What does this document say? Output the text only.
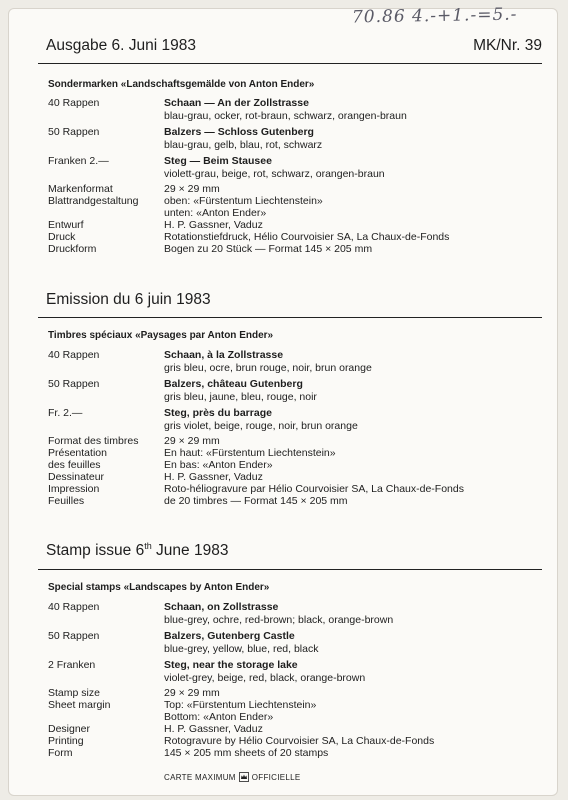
70.86 4.-+1.-=5.-
Ausgabe 6. Juni 1983	MK/Nr. 39
Sondermarken «Landschaftsgemälde von Anton Ender»
40 Rappen	Schaan — An der Zollstrasse
blau-grau, ocker, rot-braun, schwarz, orangen-braun
50 Rappen	Balzers — Schloss Gutenberg
blau-grau, gelb, blau, rot, schwarz
Franken 2.—	Steg — Beim Stausee
violett-grau, beige, rot, schwarz, orangen-braun
Markenformat	29 × 29 mm
Blattrandgestaltung oben: «Fürstentum Liechtenstein»
unten: «Anton Ender»
Entwurf	H. P. Gassner, Vaduz
Druck	Rotationstiefdruck, Hélio Courvoisier SA, La Chaux-de-Fonds
Druckform	Bogen zu 20 Stück — Format 145 × 205 mm
Emission du 6 juin 1983
Timbres spéciaux «Paysages par Anton Ender»
40 Rappen	Schaan, à la Zollstrasse
gris bleu, ocre, brun rouge, noir, brun orange
50 Rappen	Balzers, château Gutenberg
gris bleu, jaune, bleu, rouge, noir
Fr. 2.—	Steg, près du barrage
gris violet, beige, rouge, noir, brun orange
Format des timbres 29 × 29 mm
Présentation	En haut: «Fürstentum Liechtenstein»
des feuilles	En bas: «Anton Ender»
Dessinateur	H. P. Gassner, Vaduz
Impression	Roto-héliogravure par Hélio Courvoisier SA, La Chaux-de-Fonds
Feuilles	de 20 timbres — Format 145 × 205 mm
Stamp issue 6th June 1983
Special stamps «Landscapes by Anton Ender»
40 Rappen	Schaan, on Zollstrasse
blue-grey, ochre, red-brown; black, orange-brown
50 Rappen	Balzers, Gutenberg Castle
blue-grey, yellow, blue, red, black
2 Franken	Steg, near the storage lake
violet-grey, beige, red, black, orange-brown
Stamp size	29 × 29 mm
Sheet margin	Top: «Fürstentum Liechtenstein»
Bottom: «Anton Ender»
Designer	H. P. Gassner, Vaduz
Printing	Rotogravure by Hélio Courvoisier SA, La Chaux-de-Fonds
Form	145 × 205 mm sheets of 20 stamps
CARTE MAXIMUM OFFICIELLE
